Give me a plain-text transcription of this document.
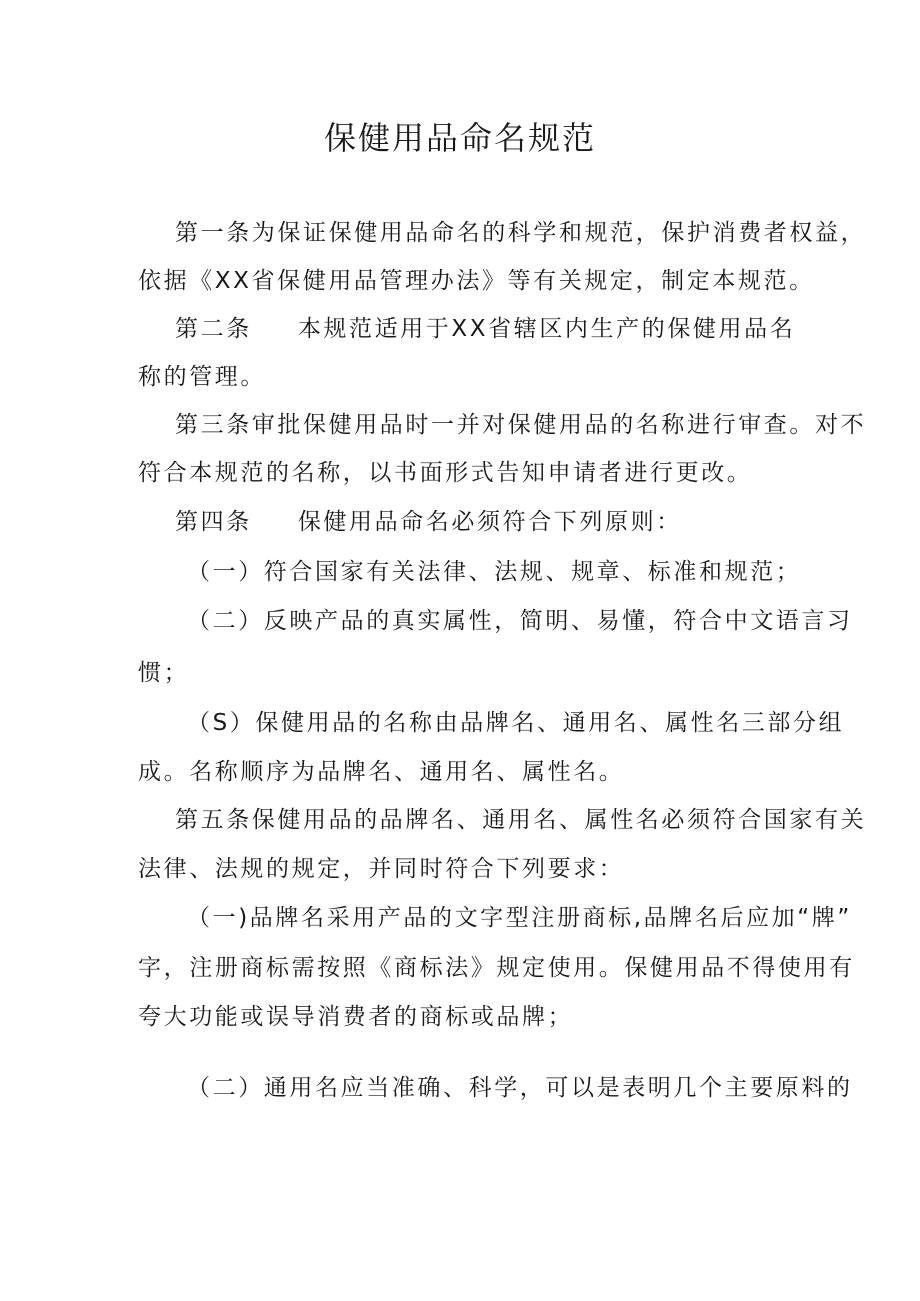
保健用品命名规范
第一条为保证保健用品命名的科学和规范，保护消费者权益，
依据《XX省保健用品管理办法》等有关规定，制定本规范。
第二条 本规范适用于XX省辖区内生产的保健用品名
称的管理。
第三条审批保健用品时一并对保健用品的名称进行审查。对不
符合本规范的名称，以书面形式告知申请者进行更改。
第四条 保健用品命名必须符合下列原则：
（一）符合国家有关法律、法规、规章、标准和规范；
（二）反映产品的真实属性，简明、易懂，符合中文语言习
惯；
（S）保健用品的名称由品牌名、通用名、属性名三部分组
成。名称顺序为品牌名、通用名、属性名。
第五条保健用品的品牌名、通用名、属性名必须符合国家有关
法律、法规的规定，并同时符合下列要求：
（一)品牌名采用产品的文字型注册商标,品牌名后应加“牌”
字，注册商标需按照《商标法》规定使用。保健用品不得使用有
夸大功能或误导消费者的商标或品牌；
（二）通用名应当准确、科学，可以是表明几个主要原料的
